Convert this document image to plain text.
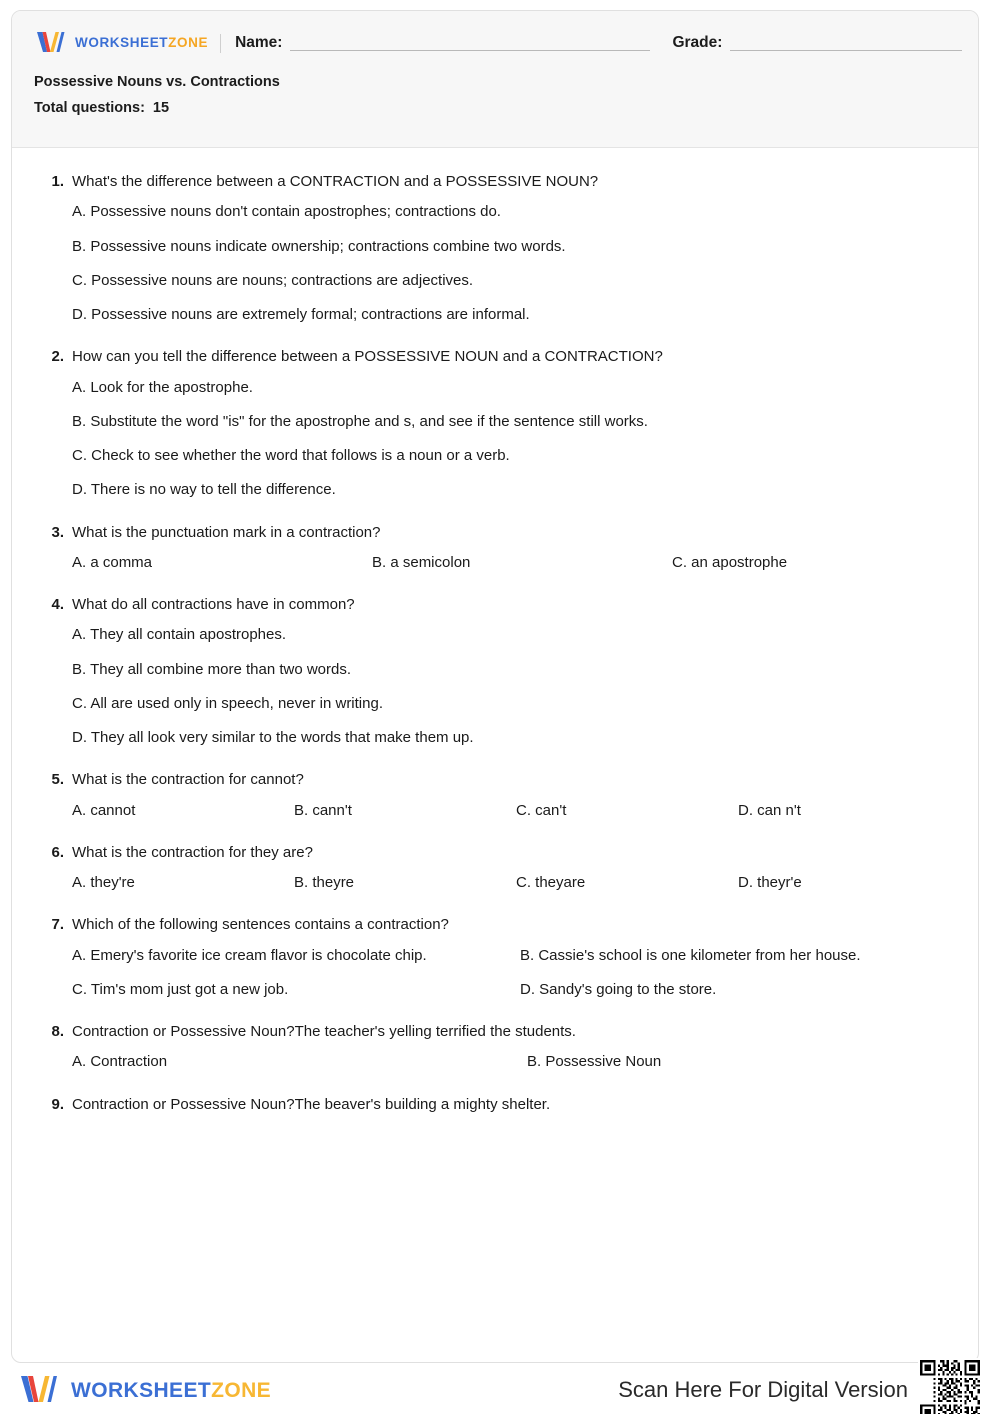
WORKSHEETZONE Name:	Grade:
Possessive Nouns vs. Contractions
Total questions: 15
1. What's the difference between a CONTRACTION and a POSSESSIVE NOUN?
A. Possessive nouns don't contain apostrophes; contractions do.
B. Possessive nouns indicate ownership; contractions combine two words.
C. Possessive nouns are nouns; contractions are adjectives.
D. Possessive nouns are extremely formal; contractions are informal.
2. How can you tell the difference between a POSSESSIVE NOUN and a CONTRACTION?
A. Look for the apostrophe.
B. Substitute the word "is" for the apostrophe and s, and see if the sentence still works.
C. Check to see whether the word that follows is a noun or a verb.
D. There is no way to tell the difference.
3. What is the punctuation mark in a contraction?
A. a comma	B. a semicolon	C. an apostrophe
4. What do all contractions have in common?
A. They all contain apostrophes.
B. They all combine more than two words.
C. All are used only in speech, never in writing.
D. They all look very similar to the words that make them up.
5. What is the contraction for cannot?
A. cannot	B. cann't	C. can't	D. can n't
6. What is the contraction for they are?
A. they're	B. theyre	C. theyare	D. theyr'e
7. Which of the following sentences contains a contraction?
A. Emery's favorite ice cream flavor is chocolate chip.	B. Cassie's school is one kilometer from her house.
C. Tim's mom just got a new job.	D. Sandy's going to the store.
8. Contraction or Possessive Noun?The teacher's yelling terrified the students.
A. Contraction	B. Possessive Noun
9. Contraction or Possessive Noun?The beaver's building a mighty shelter.
WORKSHEETZONE	Scan Here For Digital Version
